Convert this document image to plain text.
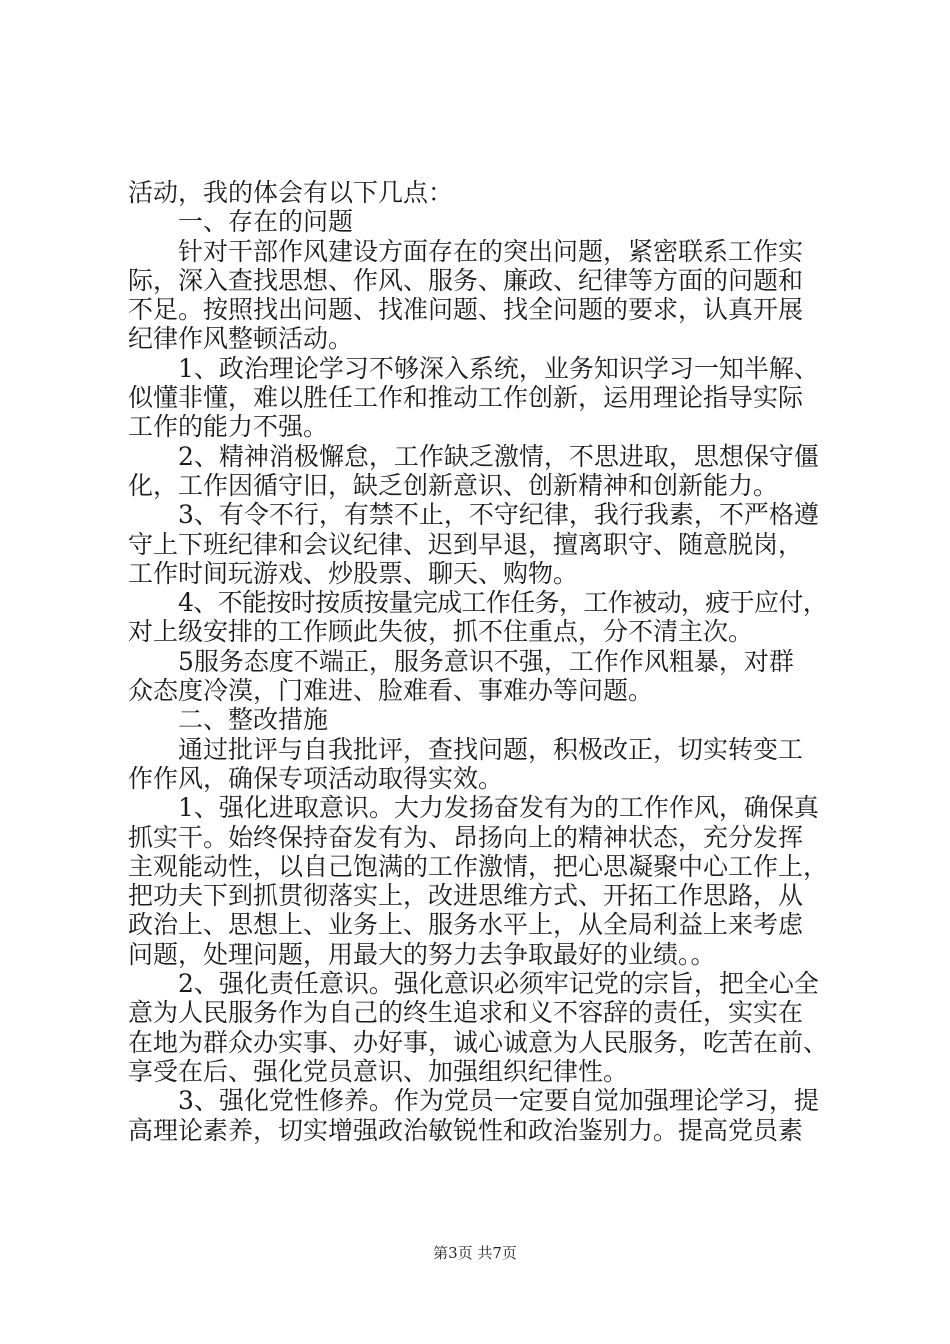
活动，我的体会有以下几点：
一、存在的问题
针对干部作风建设方面存在的突出问题，紧密联系工作实
际，深入查找思想、作风、服务、廉政、纪律等方面的问题和
不足。按照找出问题、找准问题、找全问题的要求，认真开展
纪律作风整顿活动。
1、政治理论学习不够深入系统，业务知识学习一知半解、
似懂非懂，难以胜任工作和推动工作创新，运用理论指导实际
工作的能力不强。
2、精神消极懈怠，工作缺乏激情，不思进取，思想保守僵
化，工作因循守旧，缺乏创新意识、创新精神和创新能力。
3、有令不行，有禁不止，不守纪律，我行我素，不严格遵
守上下班纪律和会议纪律、迟到早退，擅离职守、随意脱岗，
工作时间玩游戏、炒股票、聊天、购物。
4、不能按时按质按量完成工作任务，工作被动，疲于应付，
对上级安排的工作顾此失彼，抓不住重点，分不清主次。
5服务态度不端正，服务意识不强，工作作风粗暴，对群
众态度冷漠，门难进、脸难看、事难办等问题。
二、整改措施
通过批评与自我批评，查找问题，积极改正，切实转变工
作作风，确保专项活动取得实效。
1、强化进取意识。大力发扬奋发有为的工作作风，确保真
抓实干。始终保持奋发有为、昂扬向上的精神状态，充分发挥
主观能动性，以自己饱满的工作激情，把心思凝聚中心工作上，
把功夫下到抓贯彻落实上，改进思维方式、开拓工作思路，从
政治上、思想上、业务上、服务水平上，从全局利益上来考虑
问题，处理问题，用最大的努力去争取最好的业绩。。
2、强化责任意识。强化意识必须牢记党的宗旨，把全心全
意为人民服务作为自己的终生追求和义不容辞的责任，实实在
在地为群众办实事、办好事，诚心诚意为人民服务，吃苦在前、
享受在后、强化党员意识、加强组织纪律性。
3、强化党性修养。作为党员一定要自觉加强理论学习，提
高理论素养，切实增强政治敏锐性和政治鉴别力。提高党员素
第3页 共7页
